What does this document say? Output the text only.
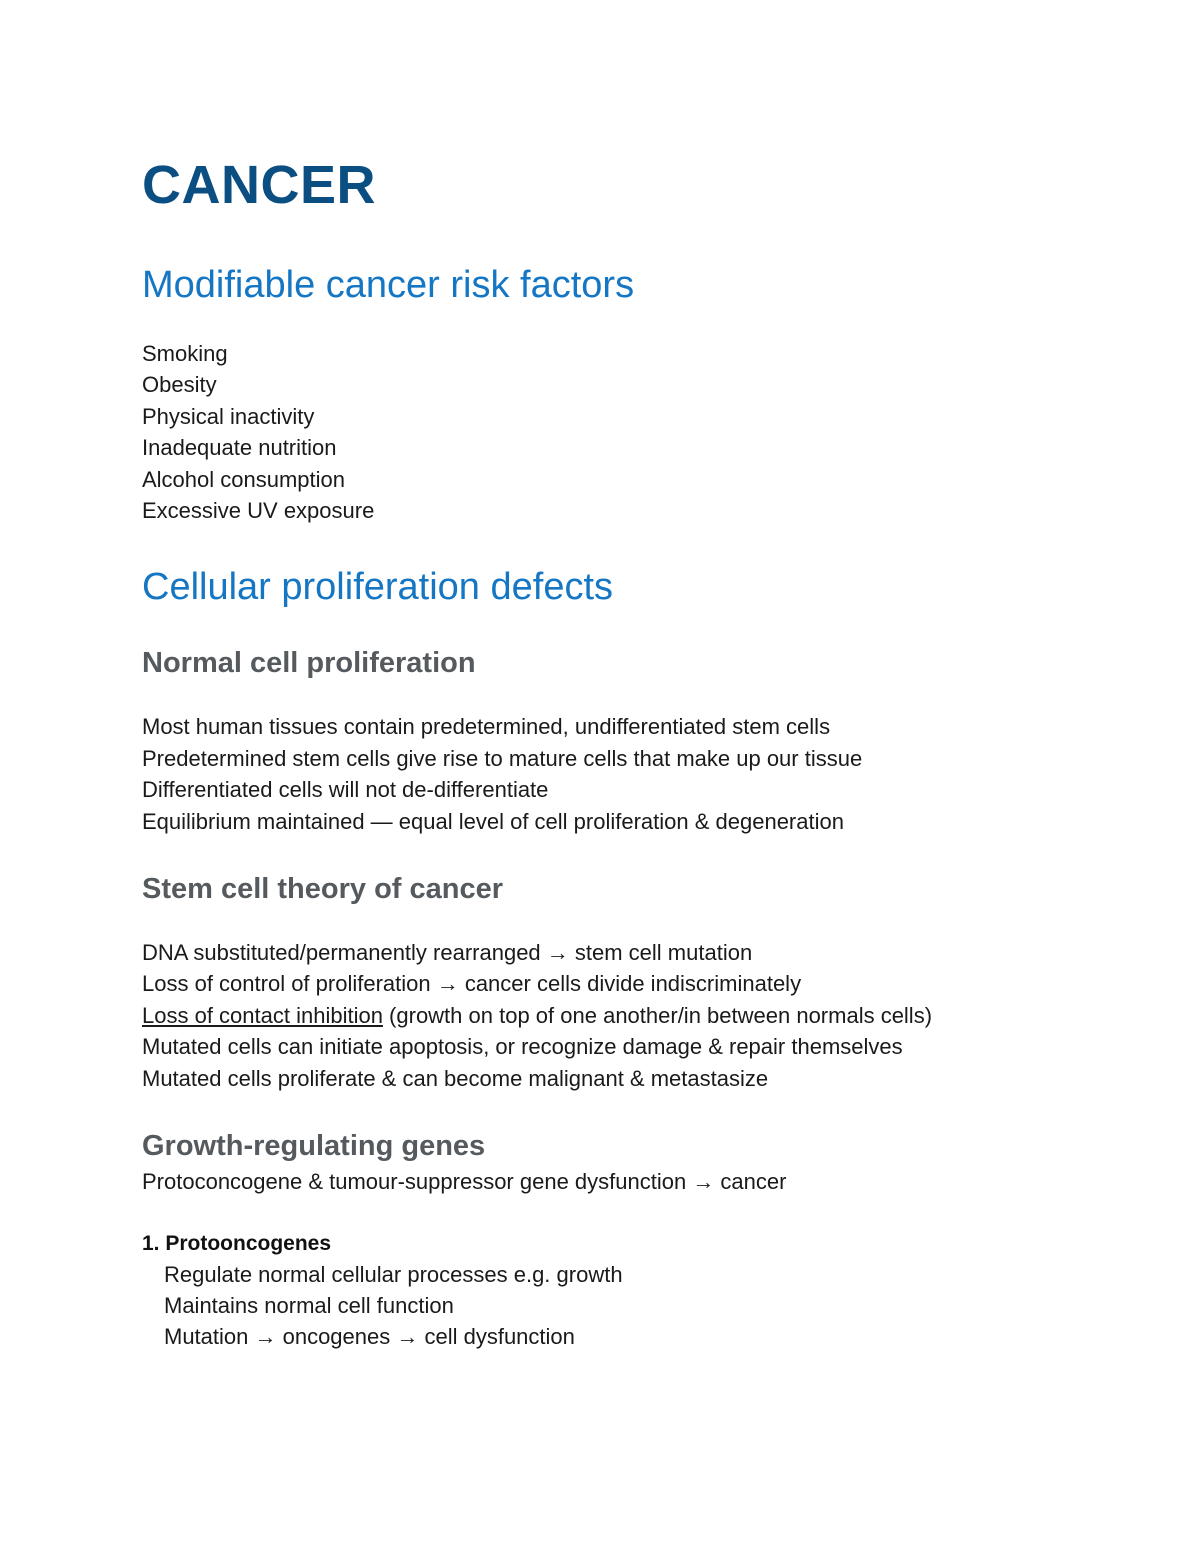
CANCER
Modifiable cancer risk factors
Smoking
Obesity
Physical inactivity
Inadequate nutrition
Alcohol consumption
Excessive UV exposure
Cellular proliferation defects
Normal cell proliferation
Most human tissues contain predetermined, undifferentiated stem cells
Predetermined stem cells give rise to mature cells that make up our tissue
Differentiated cells will not de-differentiate
Equilibrium maintained — equal level of cell proliferation & degeneration
Stem cell theory of cancer
DNA substituted/permanently rearranged → stem cell mutation
Loss of control of proliferation → cancer cells divide indiscriminately
Loss of contact inhibition (growth on top of one another/in between normals cells)
Mutated cells can initiate apoptosis, or recognize damage & repair themselves
Mutated cells proliferate & can become malignant & metastasize
Growth-regulating genes
Protoconcogene & tumour-suppressor gene dysfunction → cancer
1. Protooncogenes
Regulate normal cellular processes e.g. growth
Maintains normal cell function
Mutation → oncogenes → cell dysfunction
